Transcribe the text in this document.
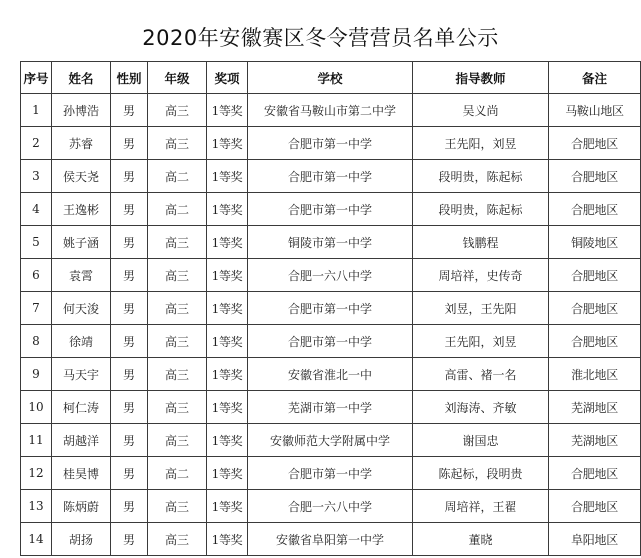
2020年安徽赛区冬令营营员名单公示
序号	姓名	性别	年级	奖项	学校	指导教师	备注
1	孙博浩	男	高三	1等奖	安徽省马鞍山市第二中学	吴义尚	马鞍山地区
2	苏睿	男	高三	1等奖	合肥市第一中学	王先阳，刘昱	合肥地区
3	侯天尧	男	高二	1等奖	合肥市第一中学	段明贵，陈起标	合肥地区
4	王逸彬	男	高二	1等奖	合肥市第一中学	段明贵，陈起标	合肥地区
5	姚子涵	男	高三	1等奖	铜陵市第一中学	钱鹏程	铜陵地区
6	袁霄	男	高三	1等奖	合肥一六八中学	周培祥，史传奇	合肥地区
7	何天浚	男	高三	1等奖	合肥市第一中学	刘昱，王先阳	合肥地区
8	徐靖	男	高三	1等奖	合肥市第一中学	王先阳，刘昱	合肥地区
9	马天宇	男	高三	1等奖	安徽省淮北一中	高雷、褚一名	淮北地区
10	柯仁涛	男	高三	1等奖	芜湖市第一中学	刘海涛、齐敏	芜湖地区
11	胡越洋	男	高三	1等奖	安徽师范大学附属中学	谢国忠	芜湖地区
12	桂昊博	男	高二	1等奖	合肥市第一中学	陈起标，段明贵	合肥地区
13	陈炳蔚	男	高三	1等奖	合肥一六八中学	周培祥，王翟	合肥地区
14	胡扬	男	高三	1等奖	安徽省阜阳第一中学	董晓	阜阳地区
